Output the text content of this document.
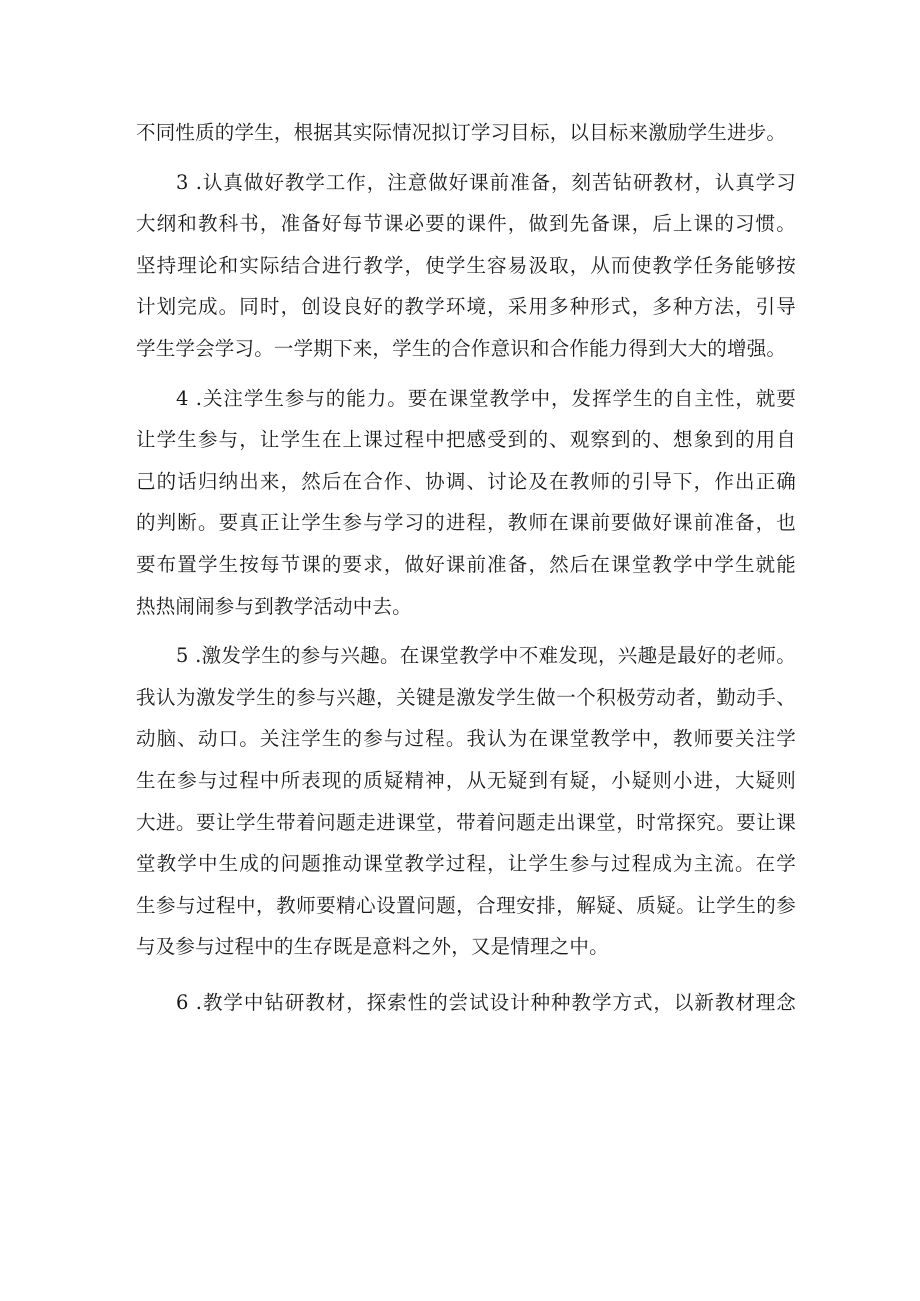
不同性质的学生，根据其实际情况拟订学习目标，以目标来激励学生进步。

3 .认真做好教学工作，注意做好课前准备，刻苦钻研教材，认真学习
大纲和教科书，准备好每节课必要的课件，做到先备课，后上课的习惯。
坚持理论和实际结合进行教学，使学生容易汲取，从而使教学任务能够按
计划完成。同时，创设良好的教学环境，采用多种形式，多种方法，引导
学生学会学习。一学期下来，学生的合作意识和合作能力得到大大的增强。

4 .关注学生参与的能力。要在课堂教学中，发挥学生的自主性，就要
让学生参与，让学生在上课过程中把感受到的、观察到的、想象到的用自
己的话归纳出来，然后在合作、协调、讨论及在教师的引导下，作出正确
的判断。要真正让学生参与学习的进程，教师在课前要做好课前准备，也
要布置学生按每节课的要求，做好课前准备，然后在课堂教学中学生就能
热热闹闹参与到教学活动中去。

5 .激发学生的参与兴趣。在课堂教学中不难发现，兴趣是最好的老师。
我认为激发学生的参与兴趣，关键是激发学生做一个积极劳动者，勤动手、
动脑、动口。关注学生的参与过程。我认为在课堂教学中，教师要关注学
生在参与过程中所表现的质疑精神，从无疑到有疑，小疑则小进，大疑则
大进。要让学生带着问题走进课堂，带着问题走出课堂，时常探究。要让课
堂教学中生成的问题推动课堂教学过程，让学生参与过程成为主流。在学
生参与过程中，教师要精心设置问题，合理安排，解疑、质疑。让学生的参
与及参与过程中的生存既是意料之外，又是情理之中。

6 .教学中钻研教材，探索性的尝试设计种种教学方式，以新教材理念
